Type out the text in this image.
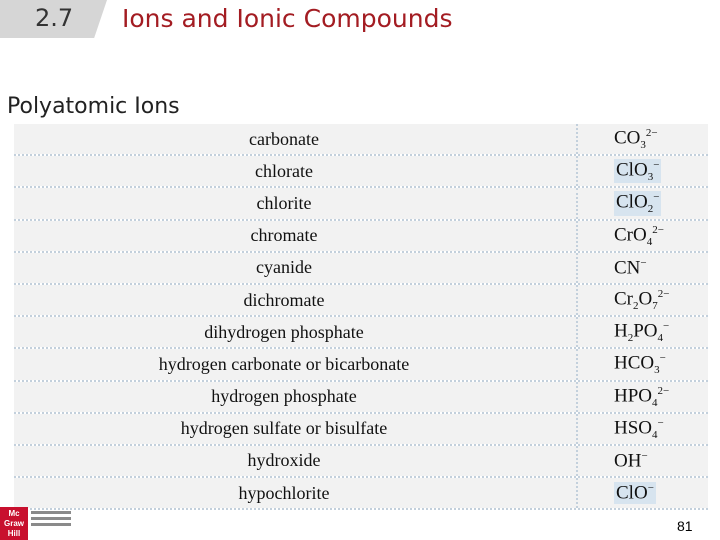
2.7 Ions and Ionic Compounds
Polyatomic Ions
carbonate	$CO_3^{2-}$
chlorate	ClO$_3$−
chlorite	ClO$_2$−
chromate	CrO$_4^{2-}$
cyanide	CN−
dichromate	$Cr_2O_7^{2-}$
dihydrogen phosphate	$H_2PO_4^-$
hydrogen carbonate or bicarbonate	$HCO_3^-$
hydrogen phosphate	$HPO_4^{2-}$
hydrogen sulfate or bisulfate	$HSO_4^-$
hydroxide	OH−
hypochlorite	ClO−
Mc
Graw
Hill	81
